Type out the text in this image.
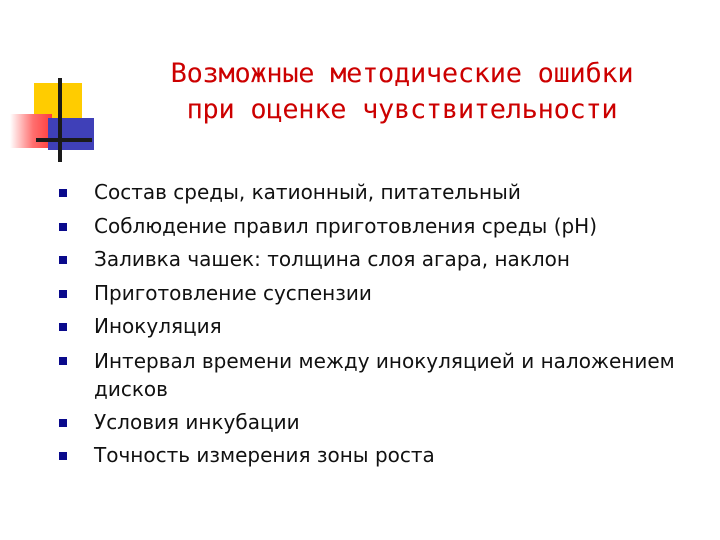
Возможные методические ошибки
при оценке чувствительности
Состав среды, катионный, питательный
Соблюдение правил приготовления среды (рН)
Заливка чашек: толщина слоя агара, наклон
Приготовление суспензии
Инокуляция
Интервал времени между инокуляцией и наложением дисков
Условия инкубации
Точность измерения зоны роста
